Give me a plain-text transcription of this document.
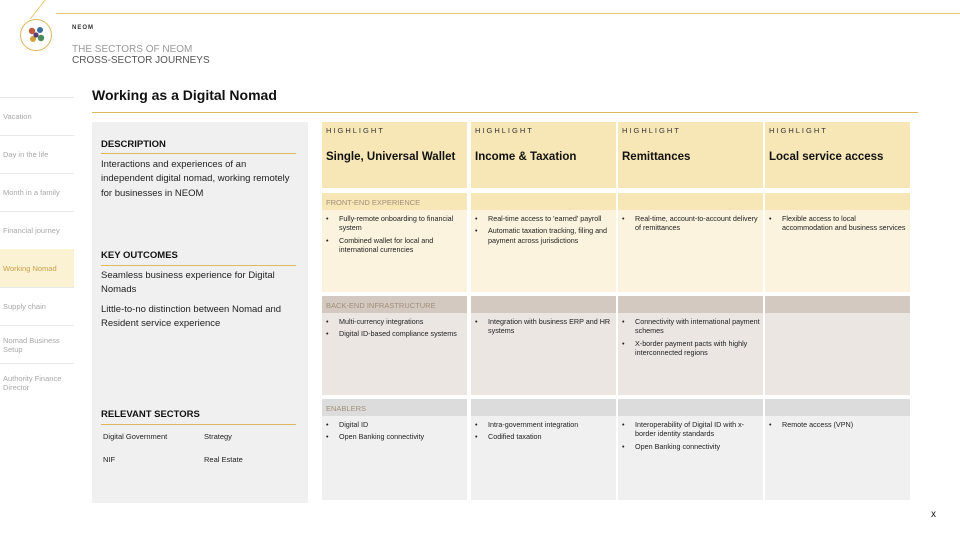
NEOM
THE SECTORS OF NEOM
CROSS-SECTOR JOURNEYS
Vacation
Day in the life
Month in a family
Financial journey
Working Nomad
Supply chain
Nomad Business Setup
Authority Finance Director
Working as a Digital Nomad
DESCRIPTION
Interactions and experiences of an independent digital nomad, working remotely for businesses in NEOM
KEY OUTCOMES
Seamless business experience for Digital Nomads
Little-to-no distinction between Nomad and Resident service experience
RELEVANT SECTORS
Digital Government	Strategy
NIF	Real Estate
HIGHLIGHT
Single, Universal Wallet
FRONT-END EXPERIENCE
• Fully-remote onboarding to financial system
• Combined wallet for local and international currencies
BACK-END INFRASTRUCTURE
• Multi-currency integrations
• Digital ID-based compliance systems
ENABLERS
• Digital ID
• Open Banking connectivity
HIGHLIGHT
Income & Taxation
• Real-time access to 'earned' payroll
• Automatic taxation tracking, filing and payment across jurisdictions
• Integration with business ERP and HR systems
• Intra-government integration
• Codified taxation
HIGHLIGHT
Remittances
• Real-time, account-to-account delivery of remittances
• Connectivity with international payment schemes
• X-border payment pacts with highly interconnected regions
• Interoperability of Digital ID with x-border identity standards
• Open Banking connectivity
HIGHLIGHT
Local service access
• Flexible access to local accommodation and business services
• Remote access (VPN)
x
